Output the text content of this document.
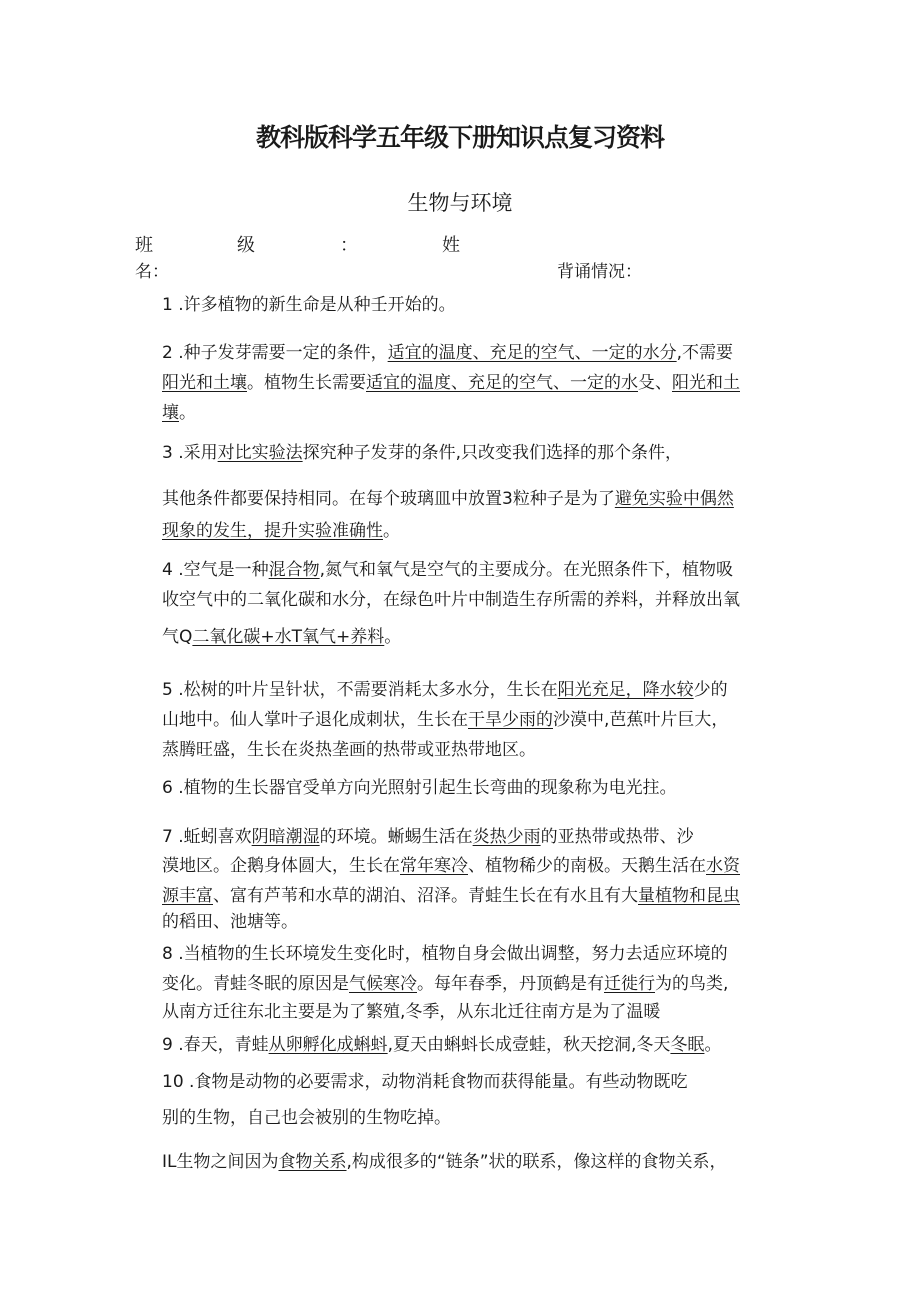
教科版科学五年级下册知识点复习资料
生物与环境
班	级	：	姓
名：	背诵情况：
1 .许多植物的新生命是从种壬开始的。
2 .种子发芽需要一定的条件，适宜的温度、充足的空气、一定的水分,不需要
阳光和土壤。植物生长需要适宜的温度、充足的空气、一定的水殳、阳光和土
壤。
3 .采用对比实验法探究种子发芽的条件,只改变我们选择的那个条件，
其他条件都要保持相同。在每个玻璃皿中放置3粒种子是为了避免实验中偶然
现象的发生，提升实验准确性。
4 .空气是一种混合物,氮气和氧气是空气的主要成分。在光照条件下，植物吸
收空气中的二氧化碳和水分，在绿色叶片中制造生存所需的养料，并释放出氧
气Q二氧化碳+水T氧气+养料。
5 .松树的叶片呈针状，不需要消耗太多水分，生长在阳光充足，降水较少的
山地中。仙人掌叶子退化成刺状，生长在干旱少雨的沙漠中,芭蕉叶片巨大，
蒸腾旺盛，生长在炎热垄画的热带或亚热带地区。
6 .植物的生长器官受单方向光照射引起生长弯曲的现象称为电光拄。
7 .蚯蚓喜欢阴暗潮湿的环境。蜥蜴生活在炎热少雨的亚热带或热带、沙
漠地区。企鹅身体圆大，生长在常年寒冷、植物稀少的南极。天鹅生活在水资
源丰富、富有芦苇和水草的湖泊、沼泽。青蛙生长在有水且有大量植物和昆虫
的稻田、池塘等。
8 .当植物的生长环境发生变化时，植物自身会做出调整，努力去适应环境的
变化。青蛙冬眠的原因是气候寒冷。每年春季，丹顶鹤是有迁徙行为的鸟类,
从南方迁往东北主要是为了繁殖,冬季，从东北迁往南方是为了温暖
9 .春天，青蛙从卵孵化成蝌蚪,夏天由蝌蚪长成壹蛙，秋天挖洞,冬天冬眠。
10 .食物是动物的必要需求，动物消耗食物而获得能量。有些动物既吃
别的生物，自己也会被别的生物吃掉。
IL生物之间因为食物关系,构成很多的“链条”状的联系，像这样的食物关系，
